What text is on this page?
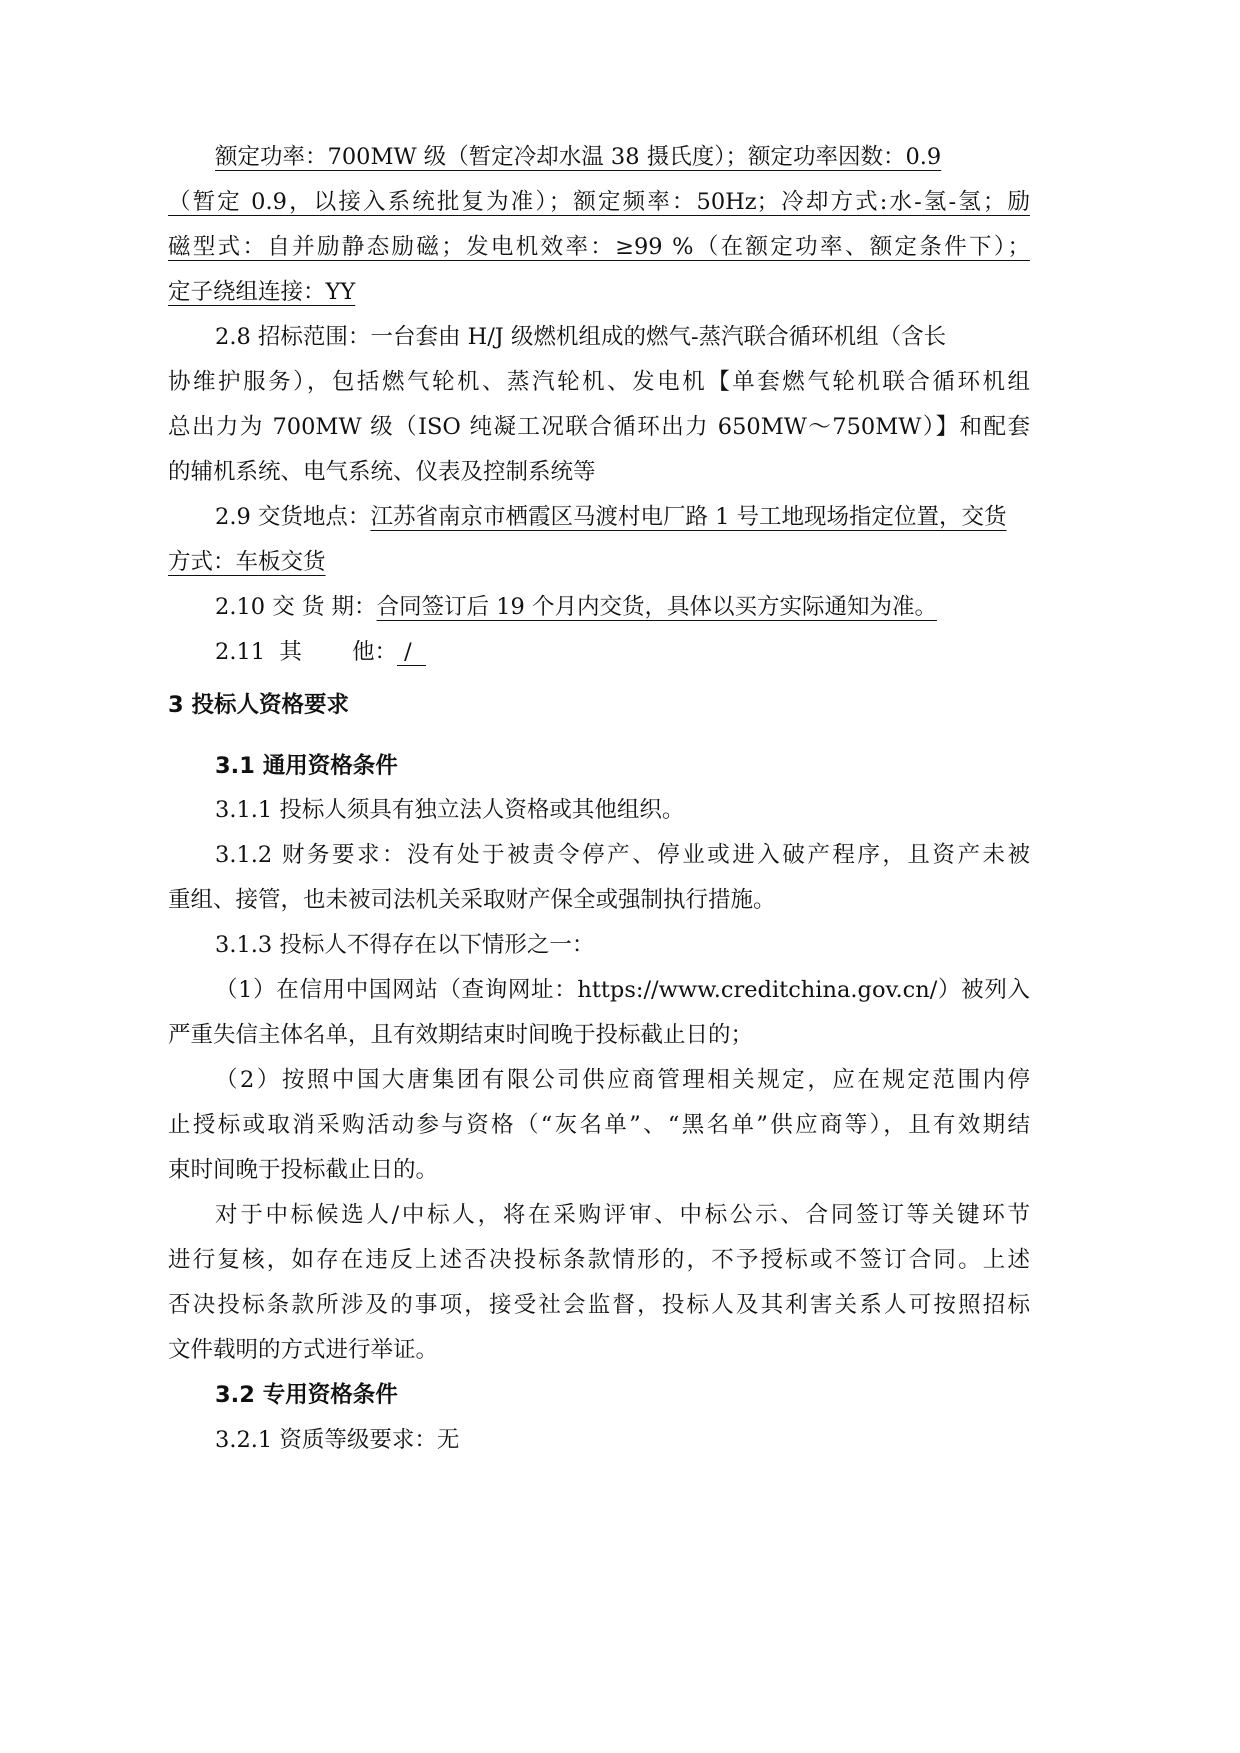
额定功率：700MW 级（暂定冷却水温 38 摄氏度）；额定功率因数：0.9
（暂定 0.9，以接入系统批复为准）；额定频率：50Hz；冷却方式:水-氢-氢；励
磁型式：自并励静态励磁；发电机效率：≥99 %（在额定功率、额定条件下）；
定子绕组连接：YY
2.8 招标范围：一台套由 H/J 级燃机组成的燃气-蒸汽联合循环机组（含长
协维护服务），包括燃气轮机、蒸汽轮机、发电机【单套燃气轮机联合循环机组
总出力为 700MW 级（ISO 纯凝工况联合循环出力 650MW～750MW）】和配套
的辅机系统、电气系统、仪表及控制系统等
2.9 交货地点：江苏省南京市栖霞区马渡村电厂路 1 号工地现场指定位置，交货
方式：车板交货
2.10 交 货 期：合同签订后 19 个月内交货，具体以买方实际通知为准。
2.11  其       他： /
3 投标人资格要求
3.1 通用资格条件
3.1.1 投标人须具有独立法人资格或其他组织。
3.1.2 财务要求：没有处于被责令停产、停业或进入破产程序，且资产未被
重组、接管，也未被司法机关采取财产保全或强制执行措施。
3.1.3 投标人不得存在以下情形之一：
（1）在信用中国网站（查询网址：https://www.creditchina.gov.cn/）被列入
严重失信主体名单，且有效期结束时间晚于投标截止日的；
（2）按照中国大唐集团有限公司供应商管理相关规定，应在规定范围内停
止授标或取消采购活动参与资格（“灰名单”、“黑名单”供应商等），且有效期结
束时间晚于投标截止日的。
对于中标候选人/中标人，将在采购评审、中标公示、合同签订等关键环节
进行复核，如存在违反上述否决投标条款情形的，不予授标或不签订合同。上述
否决投标条款所涉及的事项，接受社会监督，投标人及其利害关系人可按照招标
文件载明的方式进行举证。
3.2 专用资格条件
3.2.1 资质等级要求：无
